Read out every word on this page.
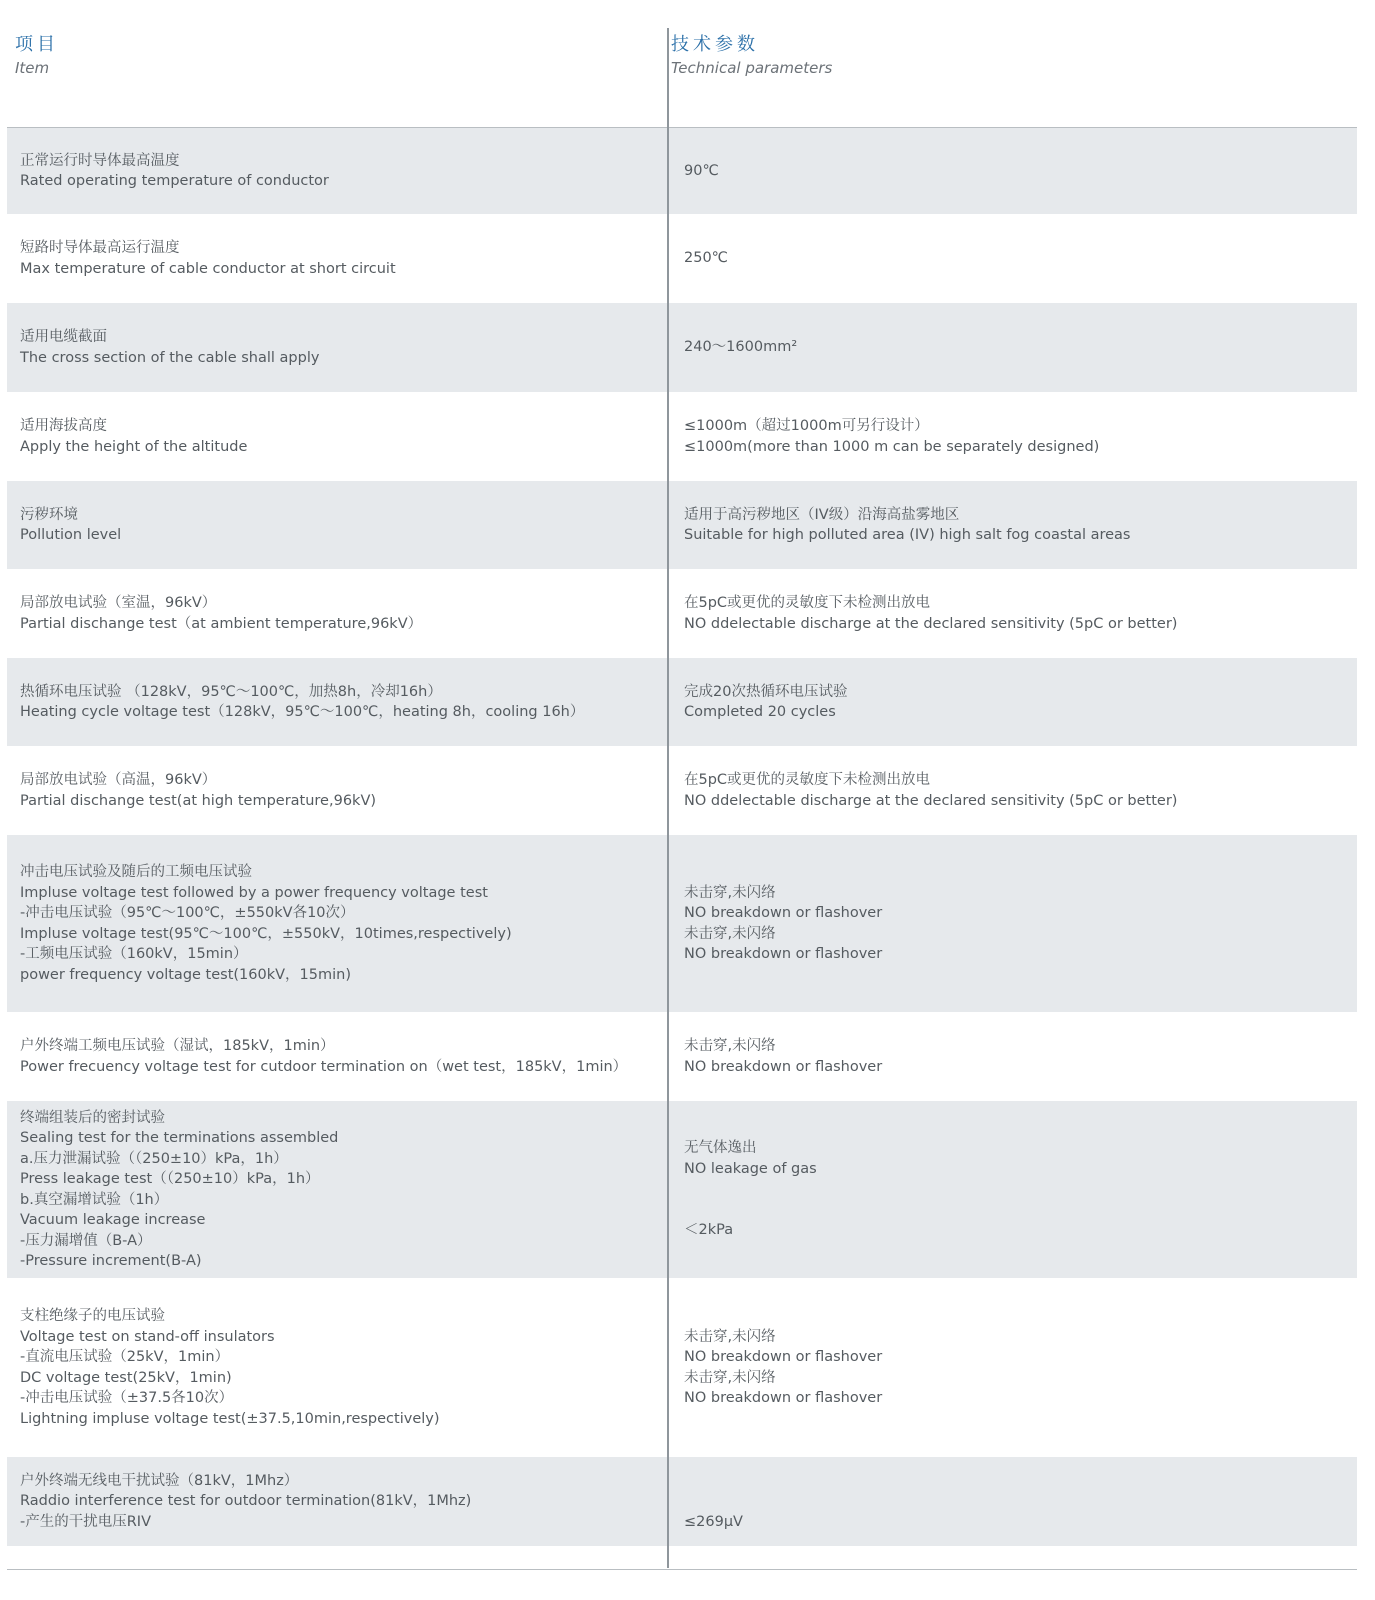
项目
Item
技术参数
Technical parameters
正常运行时导体最高温度
Rated operating temperature of conductor
90℃
短路时导体最高运行温度
Max temperature of cable conductor at short circuit
250℃
适用电缆截面
The cross section of the cable shall apply
240～1600mm²
适用海拔高度
Apply the height of the altitude
≤1000m（超过1000m可另行设计）
≤1000m(more than 1000 m can be separately designed)
污秽环境
Pollution level
适用于高污秽地区（IV级）沿海高盐雾地区
Suitable for high polluted area (IV) high salt fog coastal areas
局部放电试验（室温，96kV）
Partial dischange test（at ambient temperature,96kV）
在5pC或更优的灵敏度下未检测出放电
NO ddelectable discharge at the declared sensitivity (5pC or better)
热循环电压试验 （128kV，95℃～100℃，加热8h，冷却16h）
Heating cycle voltage test（128kV，95℃～100℃，heating 8h，cooling 16h）
完成20次热循环电压试验
Completed 20 cycles
局部放电试验（高温，96kV）
Partial dischange test(at high temperature,96kV)
在5pC或更优的灵敏度下未检测出放电
NO ddelectable discharge at the declared sensitivity (5pC or better)
冲击电压试验及随后的工频电压试验
Impluse voltage test followed by a power frequency voltage test
-冲击电压试验（95℃～100℃，±550kV各10次）
Impluse voltage test(95℃～100℃，±550kV，10times,respectively)
-工频电压试验（160kV，15min）
power frequency voltage test(160kV，15min)
未击穿,未闪络
NO breakdown or flashover
未击穿,未闪络
NO breakdown or flashover
户外终端工频电压试验（湿试，185kV，1min）
Power frecuency voltage test for cutdoor termination on（wet test，185kV，1min）
未击穿,未闪络
NO breakdown or flashover
终端组装后的密封试验
Sealing test for the terminations assembled
a.压力泄漏试验（（250±10）kPa，1h）
Press leakage test（（250±10）kPa，1h）
b.真空漏增试验（1h）
Vacuum leakage increase
-压力漏增值（B-A）
-Pressure increment(B-A)
无气体逸出
NO leakage of gas
＜2kPa
支柱绝缘子的电压试验
Voltage test on stand-off insulators
-直流电压试验（25kV，1min）
DC voltage test(25kV，1min)
-冲击电压试验（±37.5各10次）
Lightning impluse voltage test(±37.5,10min,respectively)
未击穿,未闪络
NO breakdown or flashover
未击穿,未闪络
NO breakdown or flashover
户外终端无线电干扰试验（81kV，1Mhz）
Raddio interference test for outdoor termination(81kV，1Mhz)
-产生的干扰电压RIV	≤269μV
